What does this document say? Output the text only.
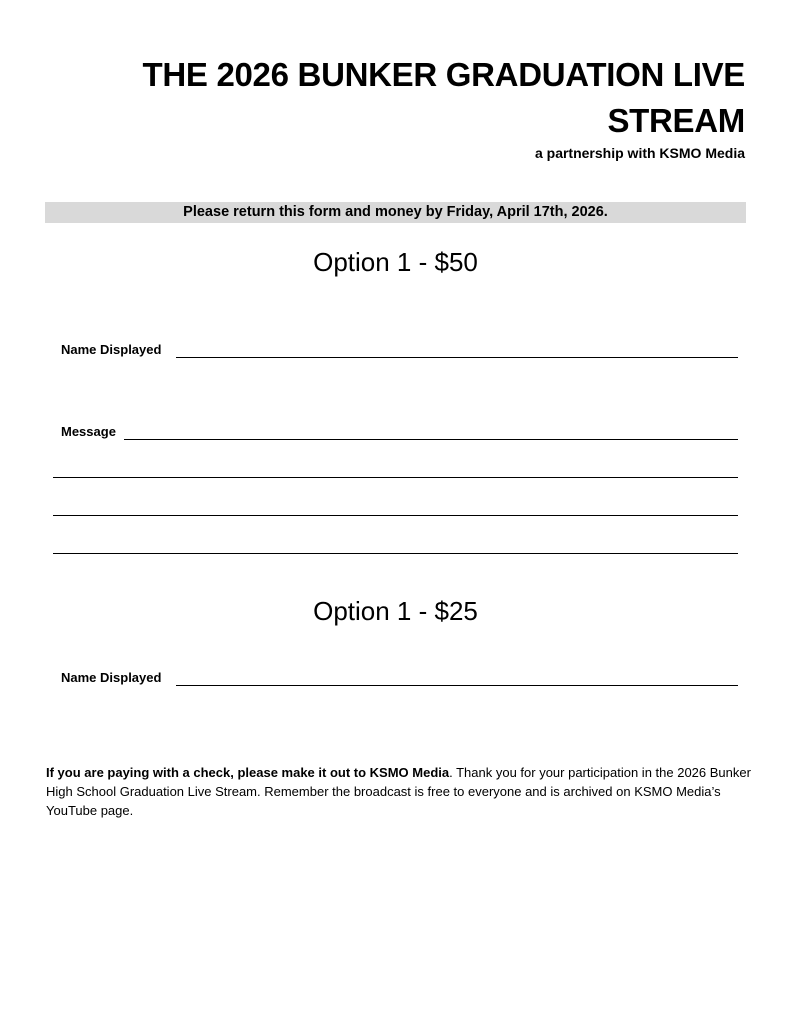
THE 2026 BUNKER GRADUATION LIVE STREAM
a partnership with KSMO Media
Please return this form and money by Friday, April 17th, 2026.
Option 1 - $50
Name Displayed
Message
Option 1 - $25
Name Displayed
If you are paying with a check, please make it out to KSMO Media. Thank you for your participation in the 2026 Bunker High School Graduation Live Stream. Remember the broadcast is free to everyone and is archived on KSMO Media’s YouTube page.
